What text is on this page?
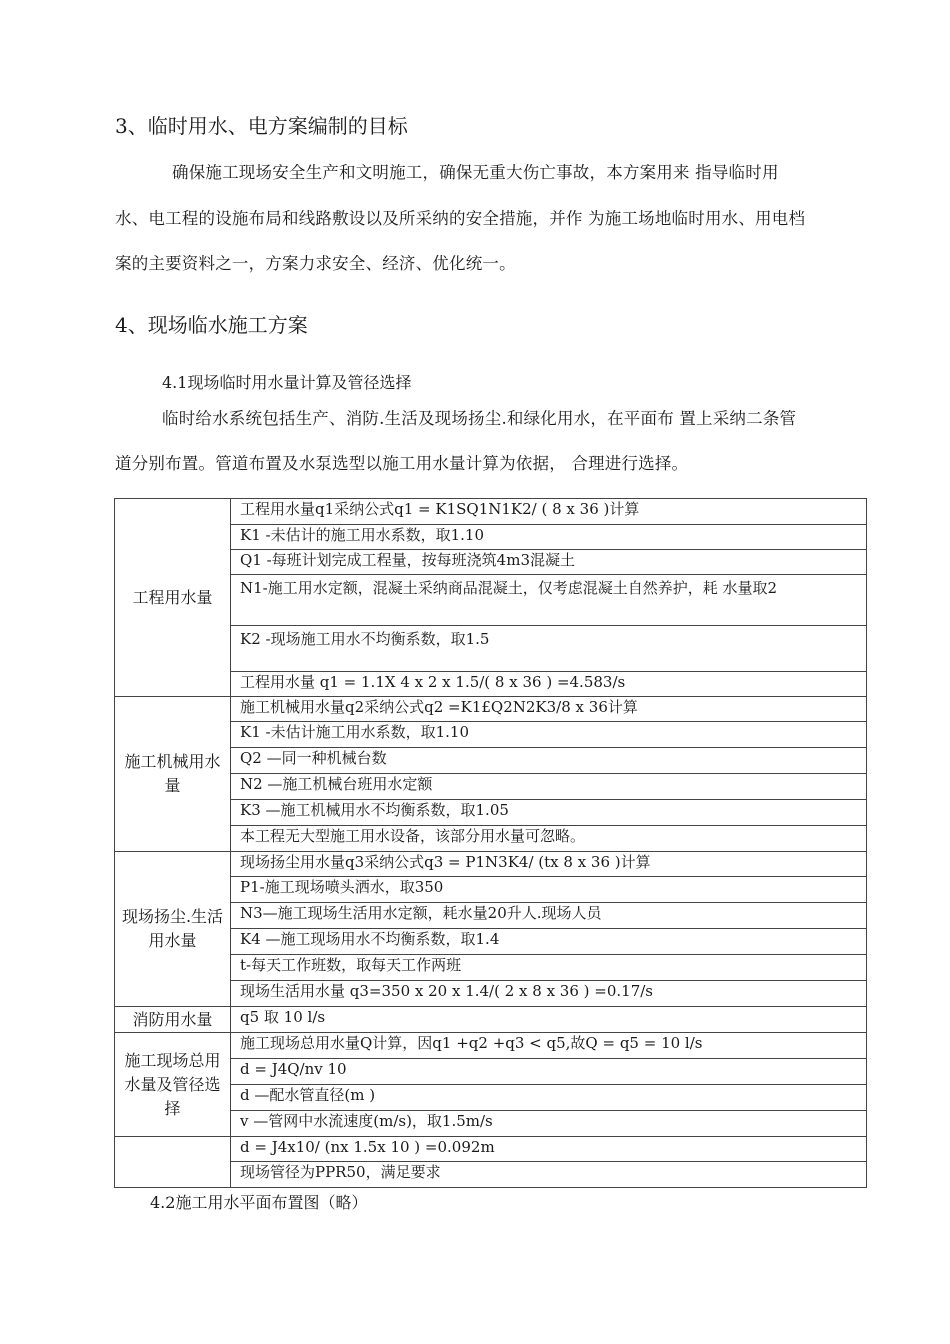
3、临时用水、电方案编制的目标
确保施工现场安全生产和文明施工，确保无重大伤亡事故，本方案用来 指导临时用
水、电工程的设施布局和线路敷设以及所采纳的安全措施，并作 为施工场地临时用水、用电档
案的主要资料之一，方案力求安全、经济、优化统一。
4、现场临水施工方案
4.1现场临时用水量计算及管径选择
临时给水系统包括生产、消防.生活及现场扬尘.和绿化用水，在平面布 置上采纳二条管
道分别布置。管道布置及水泵选型以施工用水量计算为依据， 合理进行选择。
工程用水量	工程用水量q1采纳公式q1 = K1SQ1N1K2/ ( 8 x 36 )计算
	K1 -未估计的施工用水系数，取1.10
	Q1 -每班计划完成工程量，按每班浇筑4m3混凝土
	N1-施工用水定额，混凝土采纳商品混凝土，仅考虑混凝土自然养护，耗 水量取2
	K2 -现场施工用水不均衡系数，取1.5
	工程用水量 q1 = 1.1X 4 x 2 x 1.5/( 8 x 36 ) =4.583/s
施工机械用水量	施工机械用水量q2采纳公式q2 =K1£Q2N2K3/8 x 36计算
	K1 -未估计施工用水系数，取1.10
	Q2 —同一种机械台数
	N2 —施工机械台班用水定额
	K3 —施工机械用水不均衡系数，取1.05
	本工程无大型施工用水设备，该部分用水量可忽略。
现场扬尘.生活用水量	现场扬尘用水量q3采纳公式q3 = P1N3K4/ (tx 8 x 36 )计算
	P1-施工现场喷头洒水，取350
	N3—施工现场生活用水定额，耗水量20升人.现场人员
	K4 —施工现场用水不均衡系数，取1.4
	t-每天工作班数，取每天工作两班
	现场生活用水量 q3=350 x 20 x 1.4/( 2 x 8 x 36 ) =0.17/s
消防用水量	q5 取 10 l/s
施工现场总用水量及管径选择	施工现场总用水量Q计算，因q1 +q2 +q3 < q5,故Q = q5 = 10 l/s
	d = J4Q/nv 10
	d —配水管直径(m )
	v —管网中水流速度(m/s)，取1.5m/s
	d = J4x10/ (nx 1.5x 10 ) =0.092m
	现场管径为PPR50，满足要求
4.2施工用水平面布置图（略）
